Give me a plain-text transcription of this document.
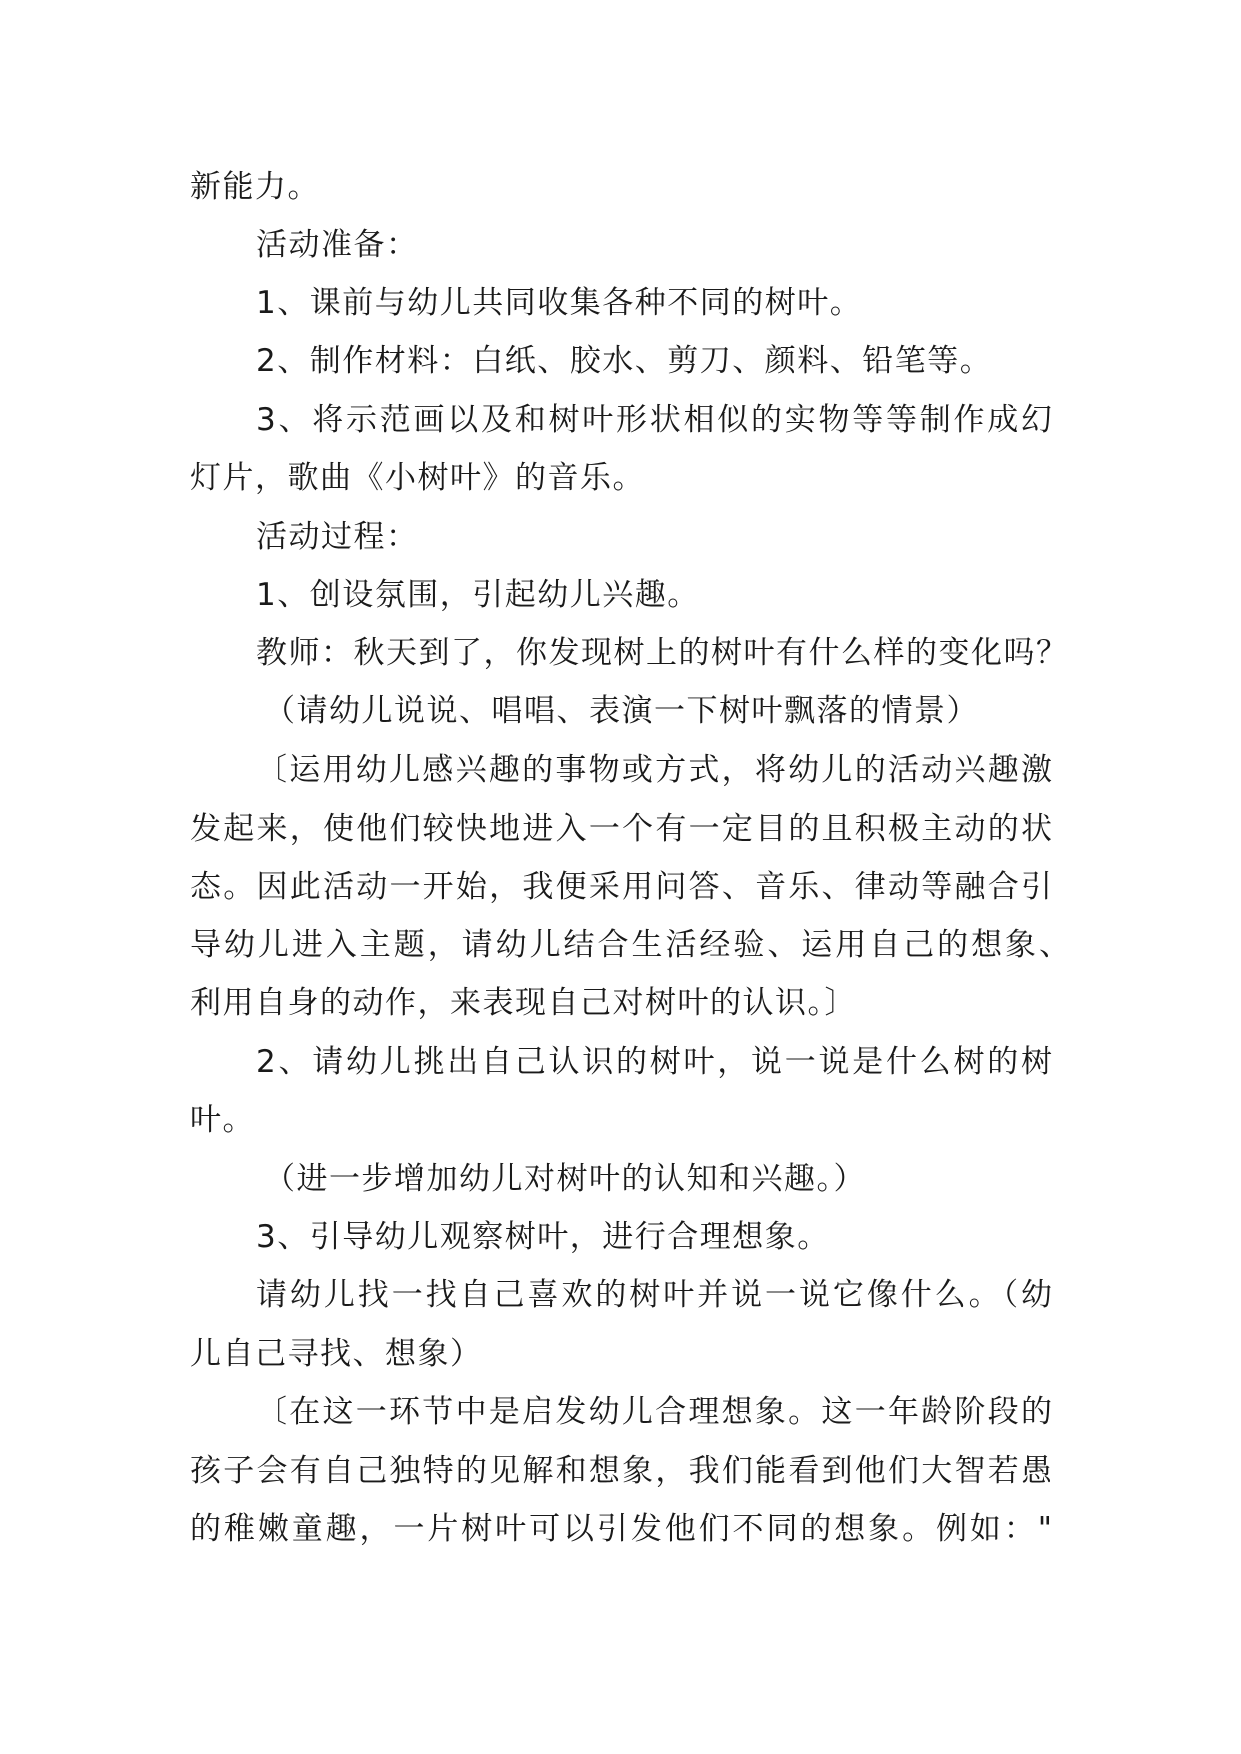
新能力。
活动准备：
1、课前与幼儿共同收集各种不同的树叶。
2、制作材料：白纸、胶水、剪刀、颜料、铅笔等。
3、将示范画以及和树叶形状相似的实物等等制作成幻
灯片，歌曲《小树叶》的音乐。
活动过程：
1、创设氛围，引起幼儿兴趣。
教师：秋天到了，你发现树上的树叶有什么样的变化吗？
（请幼儿说说、唱唱、表演一下树叶飘落的情景）
〔运用幼儿感兴趣的事物或方式，将幼儿的活动兴趣激
发起来，使他们较快地进入一个有一定目的且积极主动的状
态。因此活动一开始，我便采用问答、音乐、律动等融合引
导幼儿进入主题，请幼儿结合生活经验、运用自己的想象、
利用自身的动作，来表现自己对树叶的认识。〕
2、请幼儿挑出自己认识的树叶，说一说是什么树的树
叶。
（进一步增加幼儿对树叶的认知和兴趣。）
3、引导幼儿观察树叶，进行合理想象。
请幼儿找一找自己喜欢的树叶并说一说它像什么。（幼
儿自己寻找、想象）
〔在这一环节中是启发幼儿合理想象。这一年龄阶段的
孩子会有自己独特的见解和想象，我们能看到他们大智若愚
的稚嫩童趣，一片树叶可以引发他们不同的想象。例如："
